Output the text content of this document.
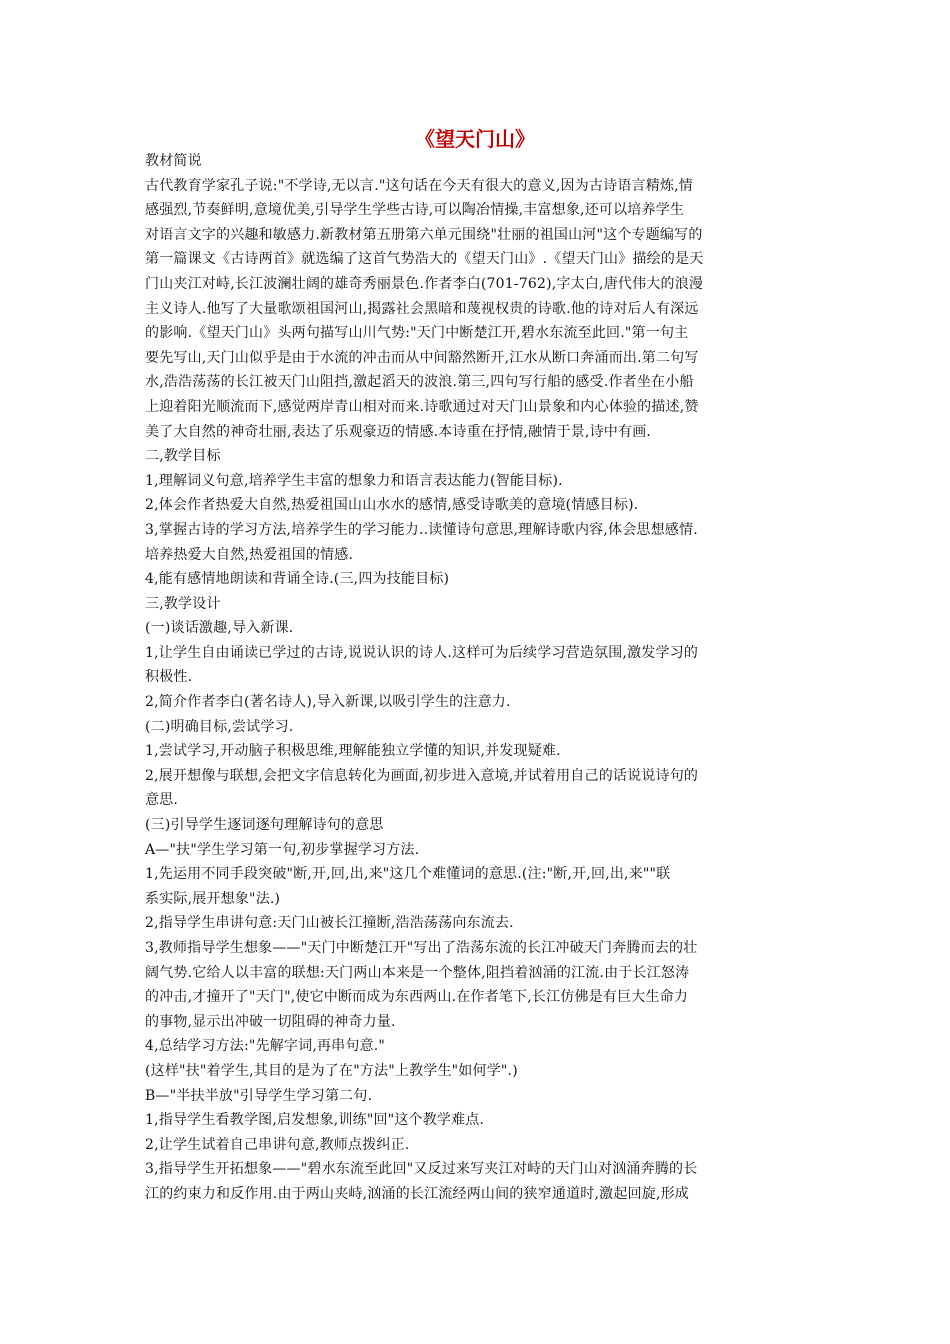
《望天门山》
教材简说
古代教育学家孔子说:"不学诗,无以言."这句话在今天有很大的意义,因为古诗语言精炼,情
感强烈,节奏鲜明,意境优美,引导学生学些古诗,可以陶冶情操,丰富想象,还可以培养学生
对语言文字的兴趣和敏感力.新教材第五册第六单元围绕"壮丽的祖国山河"这个专题编写的
第一篇课文《古诗两首》就选编了这首气势浩大的《望天门山》.《望天门山》描绘的是天
门山夹江对峙,长江波澜壮阔的雄奇秀丽景色.作者李白(701-762),字太白,唐代伟大的浪漫
主义诗人.他写了大量歌颂祖国河山,揭露社会黑暗和蔑视权贵的诗歌.他的诗对后人有深远
的影响.《望天门山》头两句描写山川气势:"天门中断楚江开,碧水东流至此回."第一句主
要先写山,天门山似乎是由于水流的冲击而从中间豁然断开,江水从断口奔涌而出.第二句写
水,浩浩荡荡的长江被天门山阻挡,激起滔天的波浪.第三,四句写行船的感受.作者坐在小船
上迎着阳光顺流而下,感觉两岸青山相对而来.诗歌通过对天门山景象和内心体验的描述,赞
美了大自然的神奇壮丽,表达了乐观豪迈的情感.本诗重在抒情,融情于景,诗中有画.
二,教学目标
1,理解词义句意,培养学生丰富的想象力和语言表达能力(智能目标).
2,体会作者热爱大自然,热爱祖国山山水水的感情,感受诗歌美的意境(情感目标).
3,掌握古诗的学习方法,培养学生的学习能力..读懂诗句意思,理解诗歌内容,体会思想感情.
培养热爱大自然,热爱祖国的情感.
4,能有感情地朗读和背诵全诗.(三,四为技能目标)
三,教学设计
(一)谈话激趣,导入新课.
1,让学生自由诵读已学过的古诗,说说认识的诗人.这样可为后续学习营造氛围,激发学习的
积极性.
2,简介作者李白(著名诗人),导入新课,以吸引学生的注意力.
(二)明确目标,尝试学习.
1,尝试学习,开动脑子积极思维,理解能独立学懂的知识,并发现疑难.
2,展开想像与联想,会把文字信息转化为画面,初步进入意境,并试着用自己的话说说诗句的
意思.
(三)引导学生逐词逐句理解诗句的意思
A—"扶"学生学习第一句,初步掌握学习方法.
1,先运用不同手段突破"断,开,回,出,来"这几个难懂词的意思.(注:"断,开,回,出,来""联
系实际,展开想象"法.)
2,指导学生串讲句意:天门山被长江撞断,浩浩荡荡向东流去.
3,教师指导学生想象——"天门中断楚江开"写出了浩荡东流的长江冲破天门奔腾而去的壮
阔气势.它给人以丰富的联想:天门两山本来是一个整体,阻挡着汹涌的江流.由于长江怒涛
的冲击,才撞开了"天门",使它中断而成为东西两山.在作者笔下,长江仿佛是有巨大生命力
的事物,显示出冲破一切阻碍的神奇力量.
4,总结学习方法:"先解字词,再串句意."
(这样"扶"着学生,其目的是为了在"方法"上教学生"如何学".)
B—"半扶半放"引导学生学习第二句.
1,指导学生看教学图,启发想象,训练"回"这个教学难点.
2,让学生试着自己串讲句意,教师点拨纠正.
3,指导学生开拓想象——"碧水东流至此回"又反过来写夹江对峙的天门山对汹涌奔腾的长
江的约束力和反作用.由于两山夹峙,汹涌的长江流经两山间的狭窄通道时,激起回旋,形成
